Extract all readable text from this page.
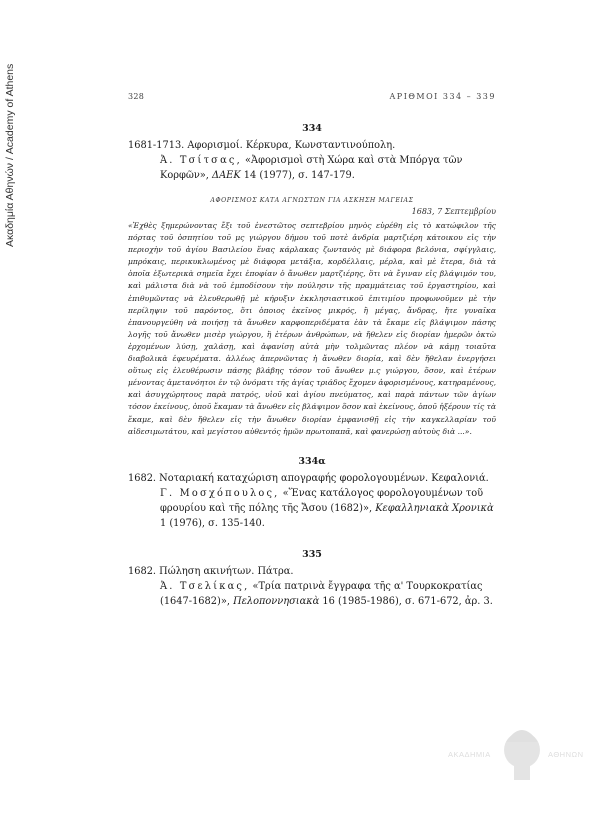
Ακαδημία Αθηνών / Academy of Athens	328	ΑΡΙΘΜΟΙ 334 – 339
334
1681-1713. Αφορισμοί. Κέρκυρα, Κωνσταντινούπολη.
Ἀ. Τσίτσας, «Ἀφορισμοὶ στὴ Χώρα καὶ στὰ Μπόργα τῶν Κορφῶν», ΔΑΕΚ 14 (1977), σ. 147-179.
ΑΦΟΡΙΣΜΟΣ ΚΑΤΑ ΑΓΝΩΣΤΩΝ ΓΙΑ ΑΣΚΗΣΗ ΜΑΓΕΙΑΣ
1683, 7 Σεπτεμβρίου
«Ἐχθὲς ξημερώνοντας ἔξι τοῦ ἐνεστῶτος σεπτεβρίου μηνὸς εὑρέθη εἰς τὸ κατώφιλον τῆς πόρτας τοῦ ὁσπητίου τοῦ μς γιώργου δήμου τοῦ ποτὲ ἀνδρία μαρτζιέρη κάτοικου εἰς τὴν περιοχὴν τοῦ ἁγίου Βασιλείου ἕνας κάρλακας ζωντανὸς μὲ διάφορα βελόνια, σφίγγλαις, μπρόκαις, περικυκλωμένος μὲ διάφορα μετάξια, κορδέλλαις, μέρλα, καὶ μὲ ἕτερα, διὰ τὰ ὁποῖα ἐξωτερικὰ σημεῖα ἔχει ἐποφίαν ὁ ἄνωθεν μαρτζιέρης, ὅτι νὰ ἔγιναν εἰς βλάψιμόν του, καὶ μάλιστα διὰ νὰ τοῦ ἐμποδίσουν τὴν πούλησιν τῆς πραμμάτειας τοῦ ἐργαστηρίου, καὶ ἐπιθυμῶντας νὰ ἐλευθερωθῇ μὲ κήρυξιν ἐκκλησιαστικοῦ ἐπιτιμίου προφωνοῦμεν μὲ τὴν περίληψιν τοῦ παρόντος, ὅτι ὁποιος ἐκεῖνος μικρός, ἢ μέγας, ἄνδρας, ἤτε γυναῖκα ἐπανουργεύθη νὰ ποιήσῃ τὰ ἄνωθεν καρφοπεριδέματα ἐὰν τὰ ἔκαμε εἰς βλάψιμον πάσης λογῆς τοῦ ἄνωθεν μισὲρ γιώργου, ἢ ἑτέρων ἀνθρώπων, νὰ ἤθελεν εἰς διορίαν ἡμερῶν ὀκτὼ ἐρχομένων λύσῃ, χαλάσῃ, καὶ ἀφανίσῃ αὐτὰ μὴν τολμῶντας πλέον νὰ κάμῃ τοιαῦτα διαβολικὰ ἐφευρέματα. ἀλλέως ἀπερνῶντας ἡ ἄνωθεν διορία, καὶ δὲν ἤθελαν ἐνεργήσει οὕτως εἰς ἐλευθέρωσιν πάσης βλάβης τόσον τοῦ ἄνωθεν μ.ς γιώργου, ὅσον, καὶ ἑτέρων μένοντας ἀμετανόητοι ἐν τῷ ὀνόματι τῆς ἁγίας τριάδος ἔχομεν ἀφορισμένους, κατηραμένους, καὶ ἀσυγχώρητους παρὰ πατρός, υἱοῦ καὶ ἁγίου πνεύματος, καὶ παρὰ πάντων τῶν ἁγίων τόσον ἐκείνους, ὁποῦ ἔκαμαν τὰ ἄνωθεν εἰς βλάψιμον ὅσον καὶ ἐκείνους, ὁποῦ ἠξέρουν τίς τὰ ἔκαμε, καὶ δὲν ἤθελεν εἰς τὴν ἄνωθεν διορίαν ἐμφανισθῇ εἰς τὴν καγκελλαρίαν τοῦ αἰδεσιμωτάτου, καὶ μεγίστου αὐθεντός ἡμῶν πρωτοπαπᾶ, καὶ φανερώσῃ αὐτοὺς διὰ ...».
334α
1682. Νοταριακή καταχώριση απογραφής φορολογουμένων. Κεφαλονιά.
Γ. Μοσχόπουλος, «Ἕνας κατάλογος φορολογουμένων τοῦ φρουρίου καὶ τῆς πόλης τῆς Ἄσου (1682)», Κεφαλληνιακὰ Χρονικὰ 1 (1976), σ. 135-140.
335
1682. Πώληση ακινήτων. Πάτρα.
Ἀ. Τσελίκας, «Τρία πατρινὰ ἔγγραφα τῆς α' Τουρκοκρατίας (1647-1682)», Πελοποννησιακὰ 16 (1985-1986), σ. 671-672, ἀρ. 3.
ΑΚΑΔΗΜΙΑ	ΑΘΗΝΩΝ
